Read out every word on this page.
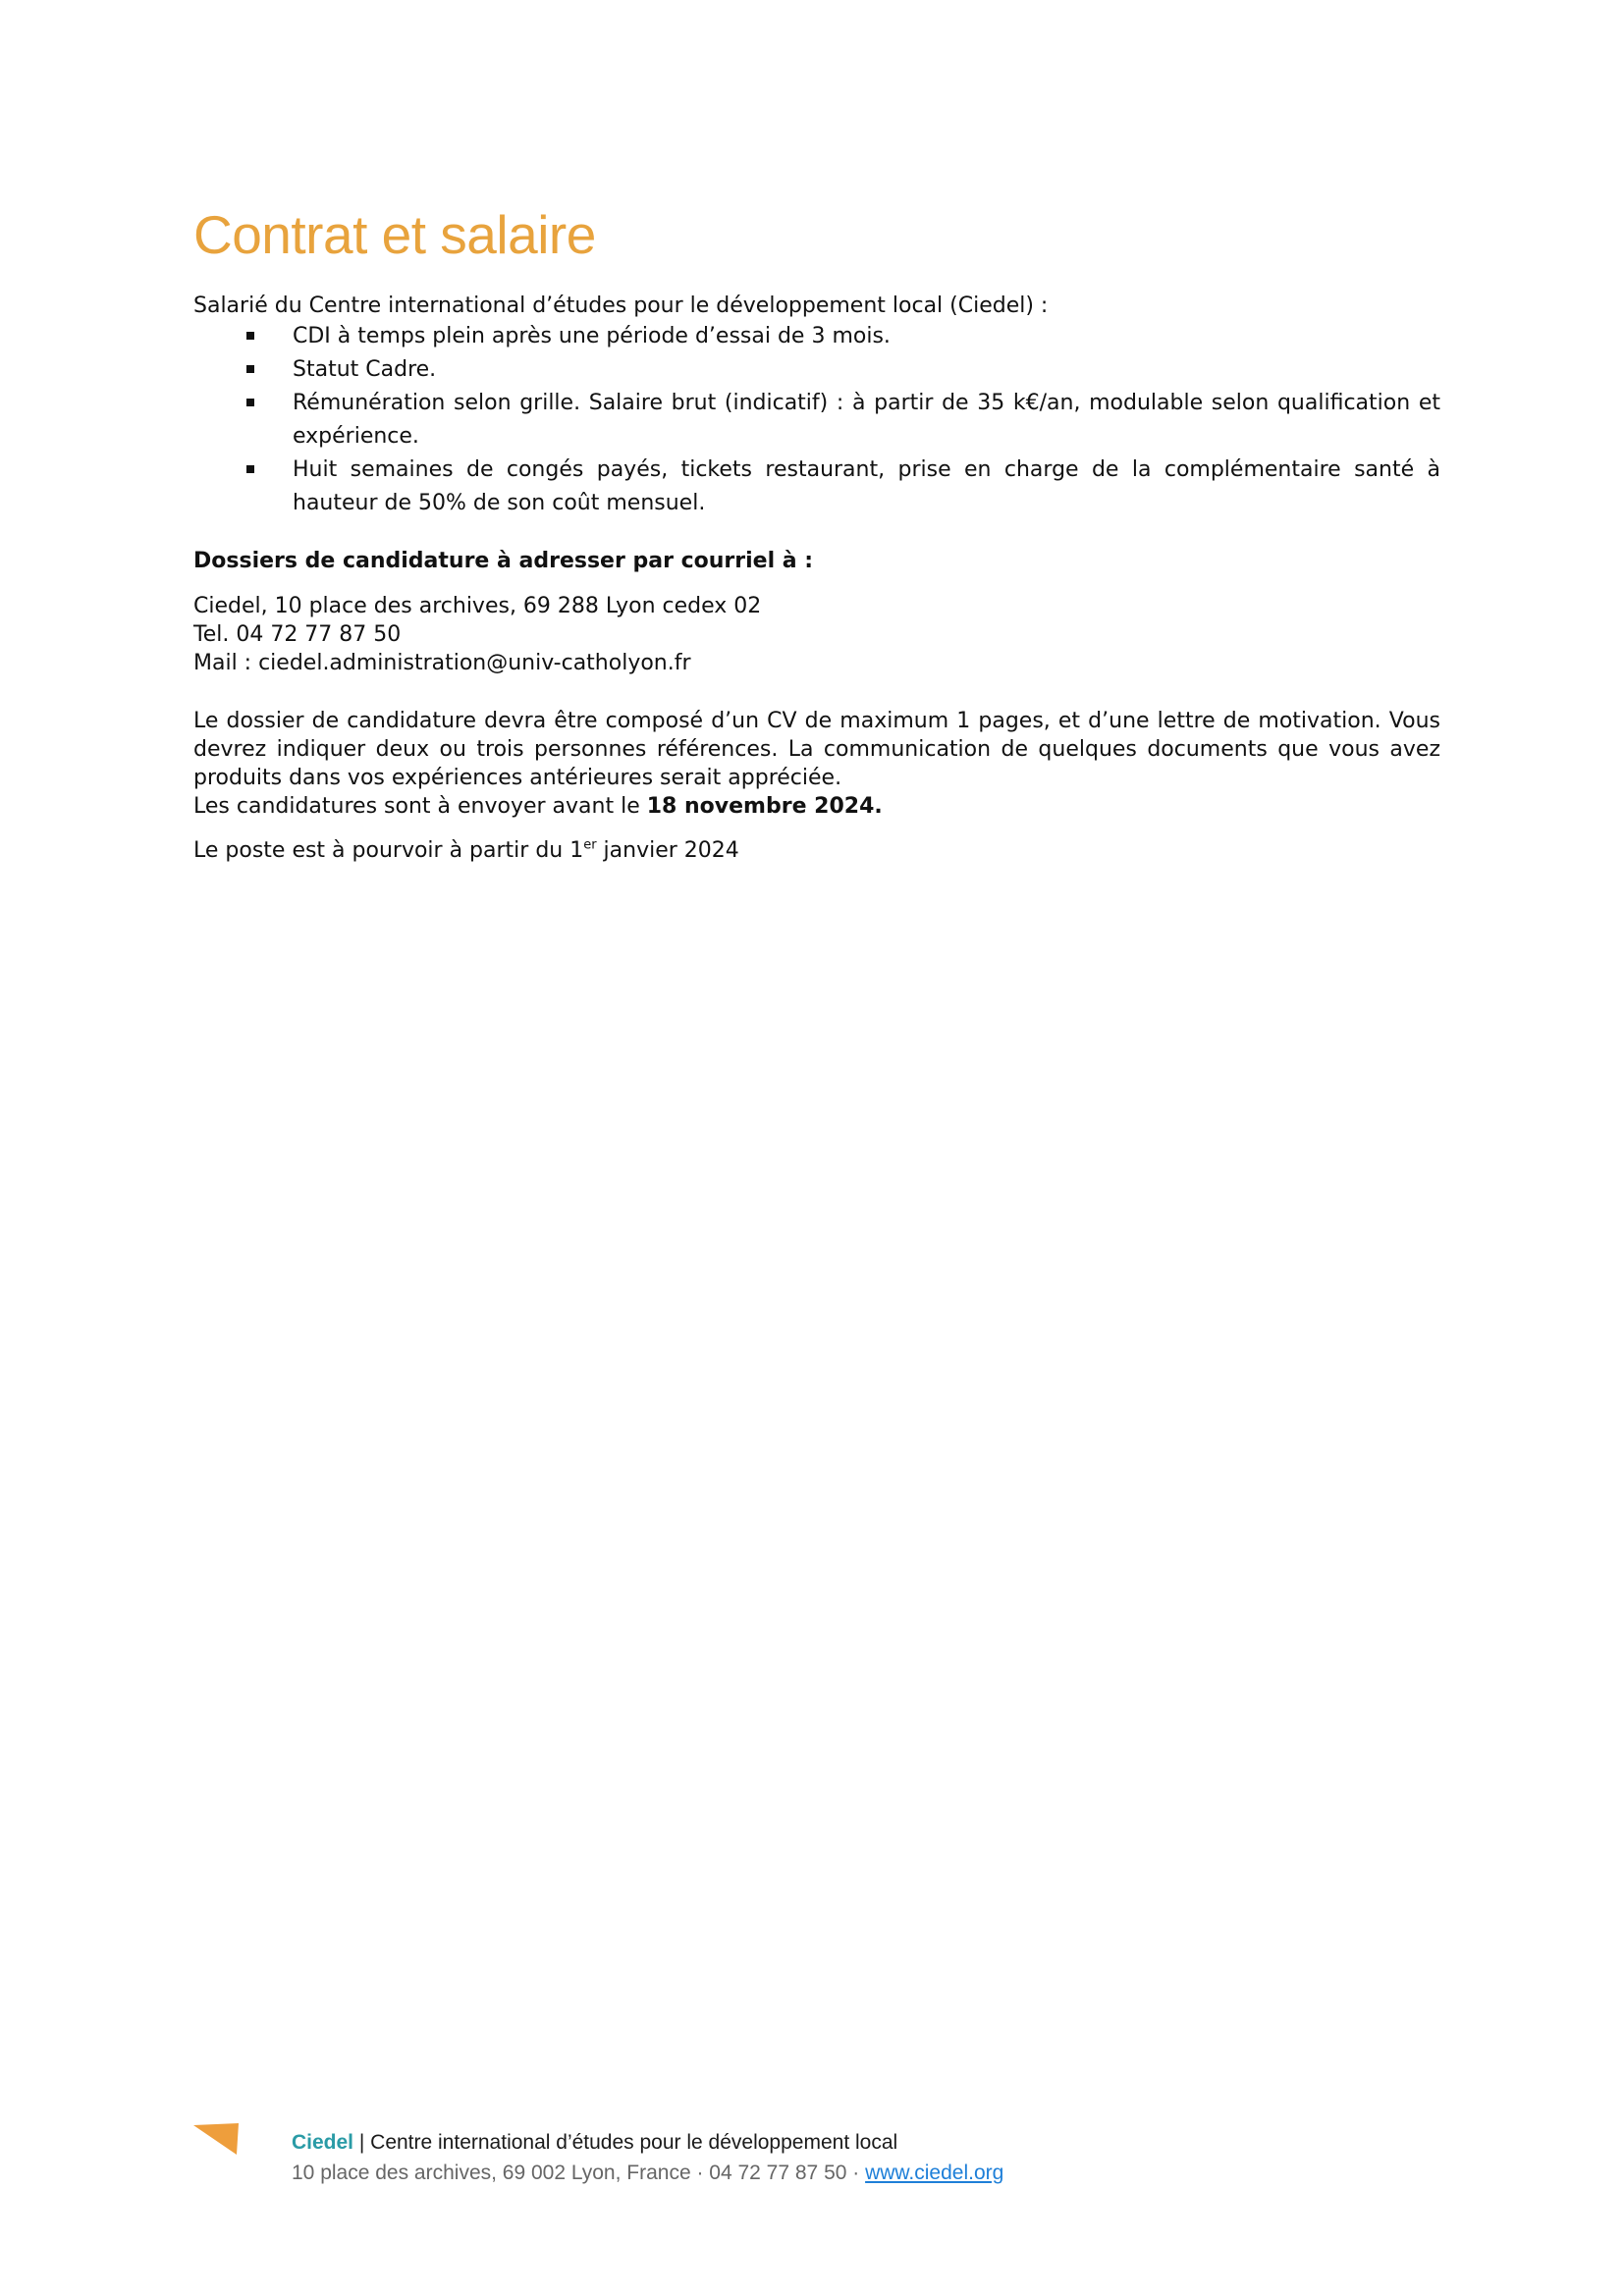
Contrat et salaire
Salarié du Centre international d’études pour le développement local (Ciedel) :
CDI à temps plein après une période d’essai de 3 mois.
Statut Cadre.
Rémunération selon grille. Salaire brut (indicatif) : à partir de 35 k€/an, modulable selon qualification et expérience.
Huit semaines de congés payés, tickets restaurant, prise en charge de la complémentaire santé à hauteur de 50% de son coût mensuel.
Dossiers de candidature à adresser par courriel à :
Ciedel, 10 place des archives, 69 288 Lyon cedex 02
Tel. 04 72 77 87 50
Mail : ciedel.administration@univ-catholyon.fr
Le dossier de candidature devra être composé d’un CV de maximum 1 pages, et d’une lettre de motivation. Vous devrez indiquer deux ou trois personnes références. La communication de quelques documents que vous avez produits dans vos expériences antérieures serait appréciée.
Les candidatures sont à envoyer avant le 18 novembre 2024.
Le poste est à pourvoir à partir du 1er janvier 2024
Ciedel | Centre international d’études pour le développement local
10 place des archives, 69 002 Lyon, France · 04 72 77 87 50 · www.ciedel.org
